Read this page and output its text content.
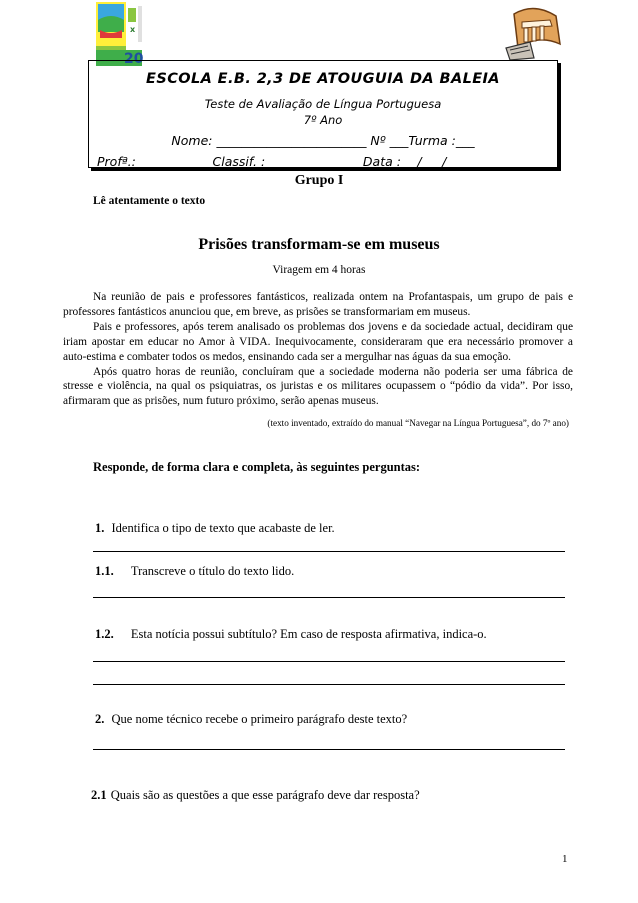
x
20
ESCOLA E.B. 2,3 DE ATOUGUIA DA BALEIA
Teste de Avaliação de Língua Portuguesa
7º Ano
Nome: ________________________ Nº ___Turma :___
Profª.: ___________ Classif. :_______________ Data :__ / __ /____
Grupo I
Lê atentamente o texto
Prisões transformam-se em museus
Viragem em 4 horas

Na reunião de pais e professores fantásticos, realizada ontem na Profantaspais, um grupo de pais e professores fantásticos anunciou que, em breve, as prisões se transformariam em museus.

Pais e professores, após terem analisado os problemas dos jovens e da sociedade actual, decidiram que iriam apostar em educar no Amor à VIDA. Inequivocamente, consideraram que era necessário promover a auto-estima e combater todos os medos, ensinando cada ser a mergulhar nas águas da sua emoção.

Após quatro horas de reunião, concluíram que a sociedade moderna não poderia ser uma fábrica de stresse e violência, na qual os psiquiatras, os juristas e os militares ocupassem o “pódio da vida”. Por isso, afirmaram que as prisões, num futuro próximo, serão apenas museus.

(texto inventado, extraído do manual “Navegar na Língua Portuguesa”, do 7º ano)
Responde, de forma clara e completa, às seguintes perguntas:
1. Identifica o tipo de texto que acabaste de ler.
1.1. Transcreve o título do texto lido.
1.2. Esta notícia possui subtítulo? Em caso de resposta afirmativa, indica-o.
2. Que nome técnico recebe o primeiro parágrafo deste texto?
2.1 Quais são as questões a que esse parágrafo deve dar resposta?
1
